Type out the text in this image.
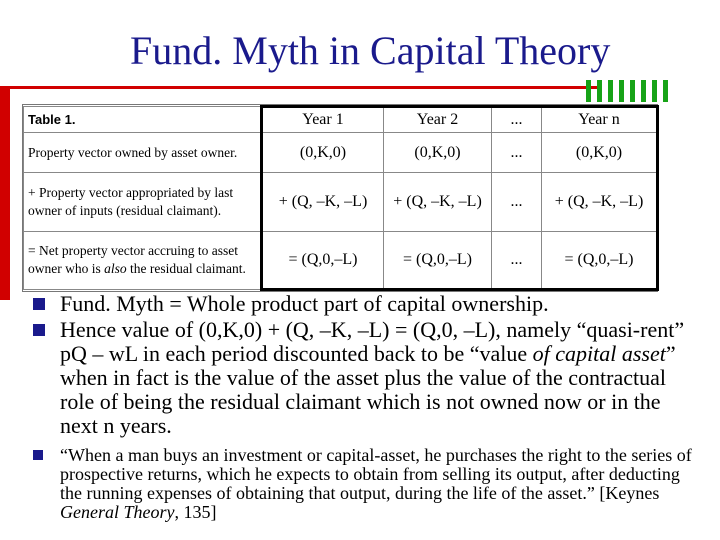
Fund. Myth in Capital Theory
Table 1.	Year 1	Year 2	...	Year n
Property vector owned by asset owner.	(0,K,0)	(0,K,0)	...	(0,K,0)
+ Property vector appropriated by last owner of inputs (residual claimant).	+ (Q, –K, –L)	+ (Q, –K, –L)	...	+ (Q, –K, –L)
= Net property vector accruing to asset owner who is also the residual claimant.	= (Q,0,–L)	= (Q,0,–L)	...	= (Q,0,–L)
Fund. Myth = Whole product part of capital ownership.
Hence value of (0,K,0) + (Q, –K, –L) = (Q,0, –L), namely “quasi-rent” pQ – wL in each period discounted back to be “value of capital asset” when in fact is the value of the asset plus the value of the contractual role of being the residual claimant which is not owned now or in the next n years.
“When a man buys an investment or capital-asset, he purchases the right to the series of prospective returns, which he expects to obtain from selling its output, after deducting the running expenses of obtaining that output, during the life of the asset.” [Keynes General Theory, 135]
